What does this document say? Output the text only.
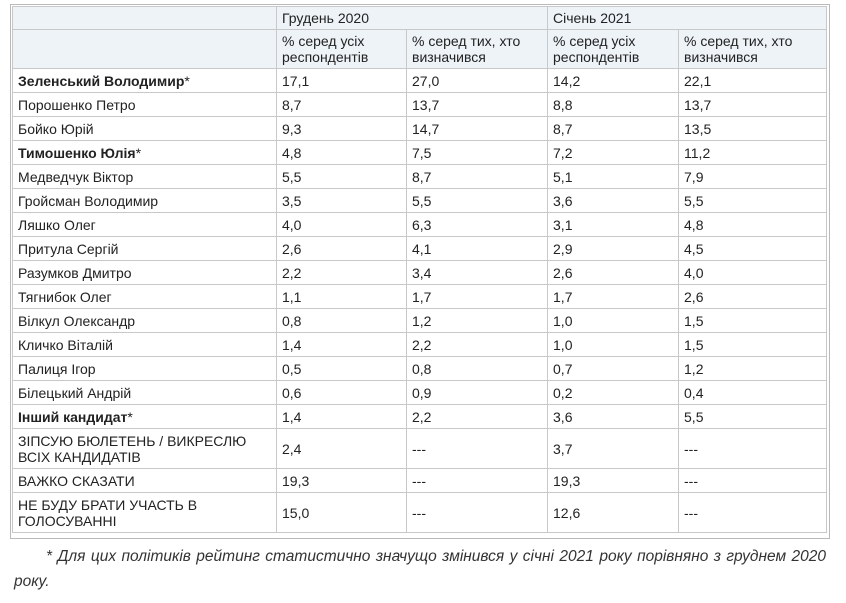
	Грудень 2020		Січень 2021	
	% серед усіх респондентів	% серед тих, хто визначився	% серед усіх респондентів	% серед тих, хто визначився
Зеленський Володимир*	17,1	27,0	14,2	22,1
Порошенко Петро	8,7	13,7	8,8	13,7
Бойко Юрій	9,3	14,7	8,7	13,5
Тимошенко Юлія*	4,8	7,5	7,2	11,2
Медведчук Віктор	5,5	8,7	5,1	7,9
Гройсман Володимир	3,5	5,5	3,6	5,5
Ляшко Олег	4,0	6,3	3,1	4,8
Притула Сергій	2,6	4,1	2,9	4,5
Разумков Дмитро	2,2	3,4	2,6	4,0
Тягнибок Олег	1,1	1,7	1,7	2,6
Вілкул Олександр	0,8	1,2	1,0	1,5
Кличко Віталій	1,4	2,2	1,0	1,5
Палиця Ігор	0,5	0,8	0,7	1,2
Білецький Андрій	0,6	0,9	0,2	0,4
Інший кандидат*	1,4	2,2	3,6	5,5
ЗІПСУЮ БЮЛЕТЕНЬ / ВИКРЕСЛЮ ВСІХ КАНДИДАТІВ	2,4	---	3,7	---
ВАЖКО СКАЗАТИ	19,3	---	19,3	---
НЕ БУДУ БРАТИ УЧАСТЬ В ГОЛОСУВАННІ	15,0	---	12,6	---
* Для цих політиків рейтинг статистично значущо змінився у січні 2021 року порівняно з груднем 2020 року.
